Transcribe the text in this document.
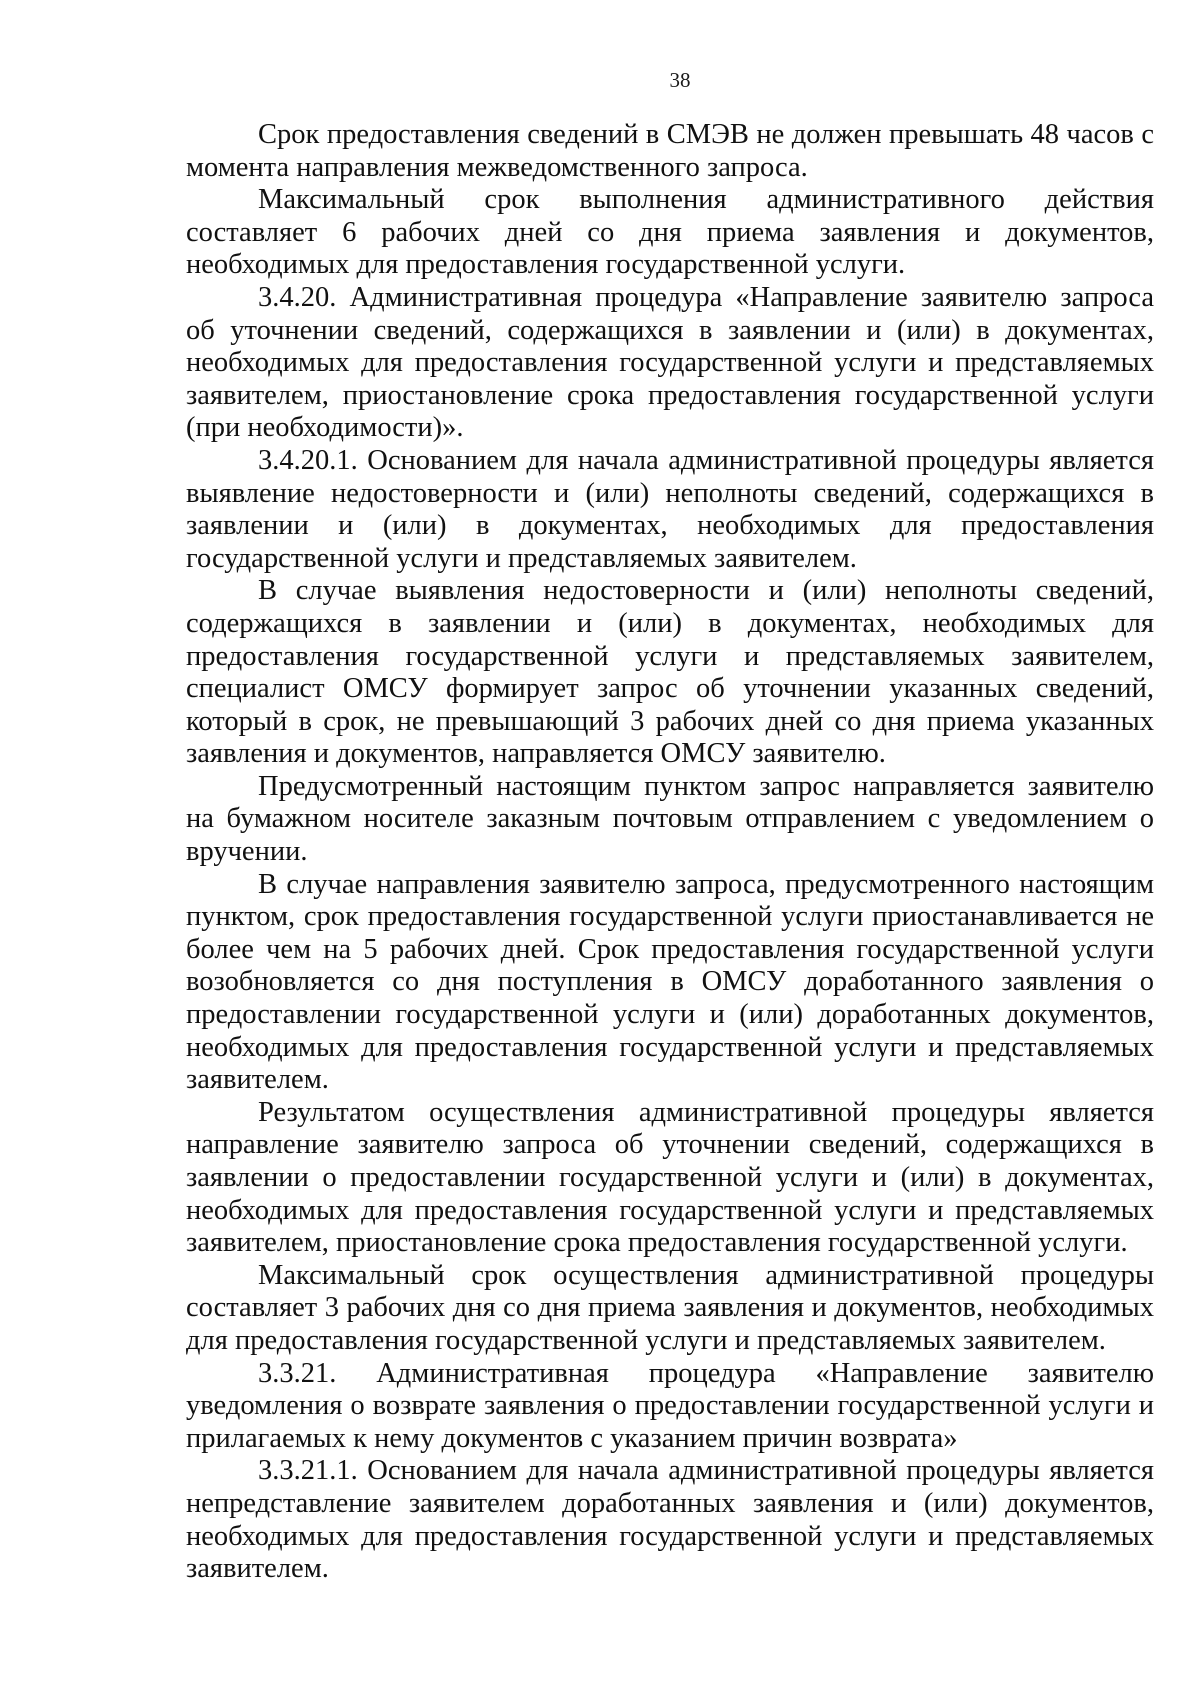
38

Срок предоставления сведений в СМЭВ не должен превышать 48 часов с момента направления межведомственного запроса.

Максимальный срок выполнения административного действия составляет 6 рабочих дней со дня приема заявления и документов, необходимых для предоставления государственной услуги.

3.4.20. Административная процедура «Направление заявителю запроса об уточнении сведений, содержащихся в заявлении и (или) в документах, необходимых для предоставления государственной услуги и представляемых заявителем, приостановление срока предоставления государственной услуги (при необходимости)».

3.4.20.1. Основанием для начала административной процедуры является выявление недостоверности и (или) неполноты сведений, содержащихся в заявлении и (или) в документах, необходимых для предоставления государственной услуги и представляемых заявителем.

В случае выявления недостоверности и (или) неполноты сведений, содержащихся в заявлении и (или) в документах, необходимых для предоставления государственной услуги и представляемых заявителем, специалист ОМСУ формирует запрос об уточнении указанных сведений, который в срок, не превышающий 3 рабочих дней со дня приема указанных заявления и документов, направляется ОМСУ заявителю.

Предусмотренный настоящим пунктом запрос направляется заявителю на бумажном носителе заказным почтовым отправлением с уведомлением о вручении.

В случае направления заявителю запроса, предусмотренного настоящим пунктом, срок предоставления государственной услуги приостанавливается не более чем на 5 рабочих дней. Срок предоставления государственной услуги возобновляется со дня поступления в ОМСУ доработанного заявления о предоставлении государственной услуги и (или) доработанных документов, необходимых для предоставления государственной услуги и представляемых заявителем.

Результатом осуществления административной процедуры является направление заявителю запроса об уточнении сведений, содержащихся в заявлении о предоставлении государственной услуги и (или) в документах, необходимых для предоставления государственной услуги и представляемых заявителем, приостановление срока предоставления государственной услуги.

Максимальный срок осуществления административной процедуры составляет 3 рабочих дня со дня приема заявления и документов, необходимых для предоставления государственной услуги и представляемых заявителем.

3.3.21. Административная процедура «Направление заявителю уведомления о возврате заявления о предоставлении государственной услуги и прилагаемых к нему документов с указанием причин возврата»

3.3.21.1. Основанием для начала административной процедуры является непредставление заявителем доработанных заявления и (или) документов, необходимых для предоставления государственной услуги и представляемых заявителем.
